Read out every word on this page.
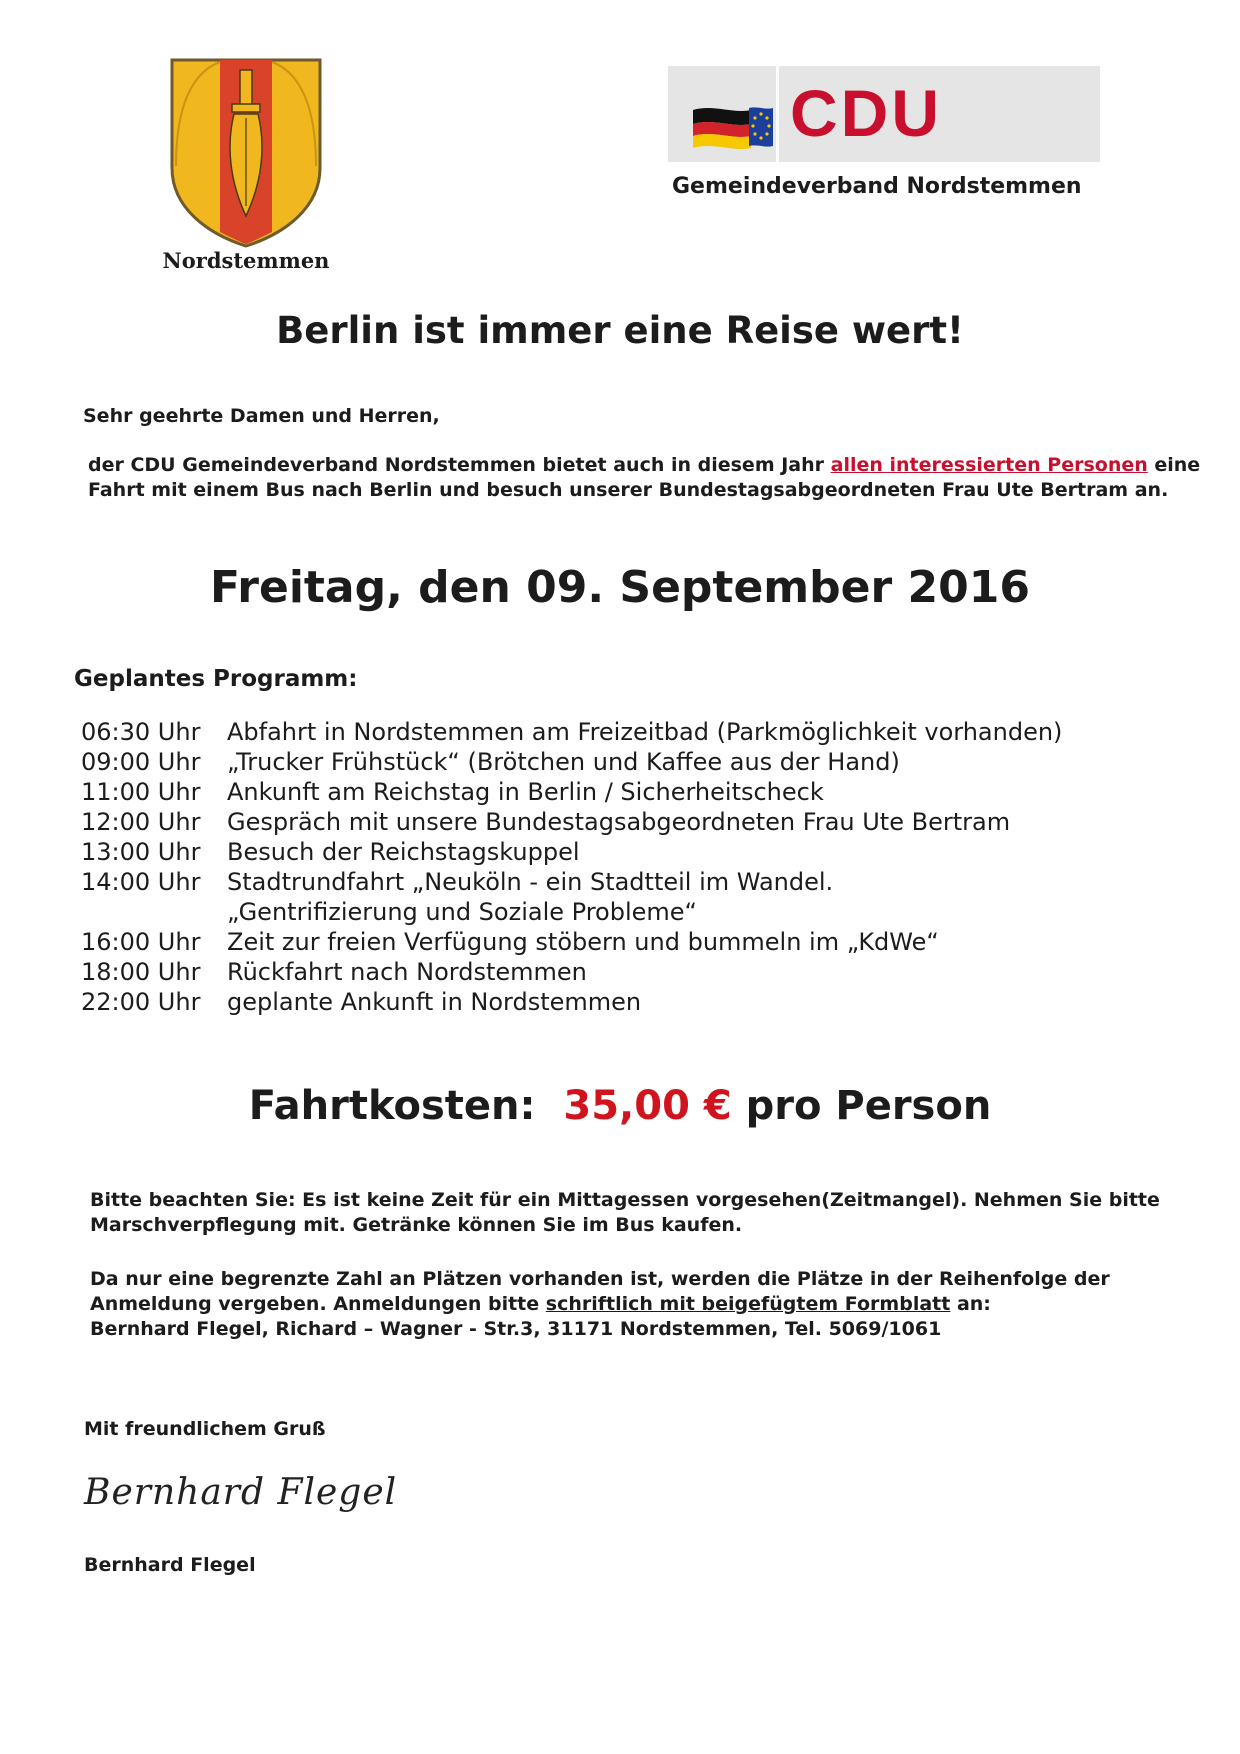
Nordstemmen
CDU
Gemeindeverband Nordstemmen
Berlin ist immer eine Reise wert!
Sehr geehrte Damen und Herren,
der CDU Gemeindeverband Nordstemmen bietet auch in diesem Jahr allen interessierten Personen eine Fahrt mit einem Bus nach Berlin und besuch unserer Bundestagsabgeordneten Frau Ute Bertram an.
Freitag, den 09. September 2016
Geplantes Programm:
06:30 Uhr	Abfahrt in Nordstemmen am Freizeitbad (Parkmöglichkeit vorhanden)
09:00 Uhr	„Trucker Frühstück“ (Brötchen und Kaffee aus der Hand)
11:00 Uhr	Ankunft am Reichstag in Berlin / Sicherheitscheck
12:00 Uhr	Gespräch mit unsere Bundestagsabgeordneten Frau Ute Bertram
13:00 Uhr	Besuch der Reichstagskuppel
14:00 Uhr	Stadtrundfahrt „Neuköln - ein Stadtteil im Wandel.
„Gentrifizierung und Soziale Probleme“
16:00 Uhr	Zeit zur freien Verfügung stöbern und bummeln im „KdWe“
18:00 Uhr	Rückfahrt nach Nordstemmen
22:00 Uhr	geplante Ankunft in Nordstemmen
Fahrtkosten: 35,00 € pro Person
Bitte beachten Sie: Es ist keine Zeit für ein Mittagessen vorgesehen(Zeitmangel). Nehmen Sie bitte Marschverpflegung mit. Getränke können Sie im Bus kaufen.
Da nur eine begrenzte Zahl an Plätzen vorhanden ist, werden die Plätze in der Reihenfolge der
Anmeldung vergeben. Anmeldungen bitte schriftlich mit beigefügtem Formblatt an:
Bernhard Flegel, Richard – Wagner - Str.3, 31171 Nordstemmen, Tel. 5069/1061
Mit freundlichem Gruß
Bernhard Flegel
Bernhard Flegel
